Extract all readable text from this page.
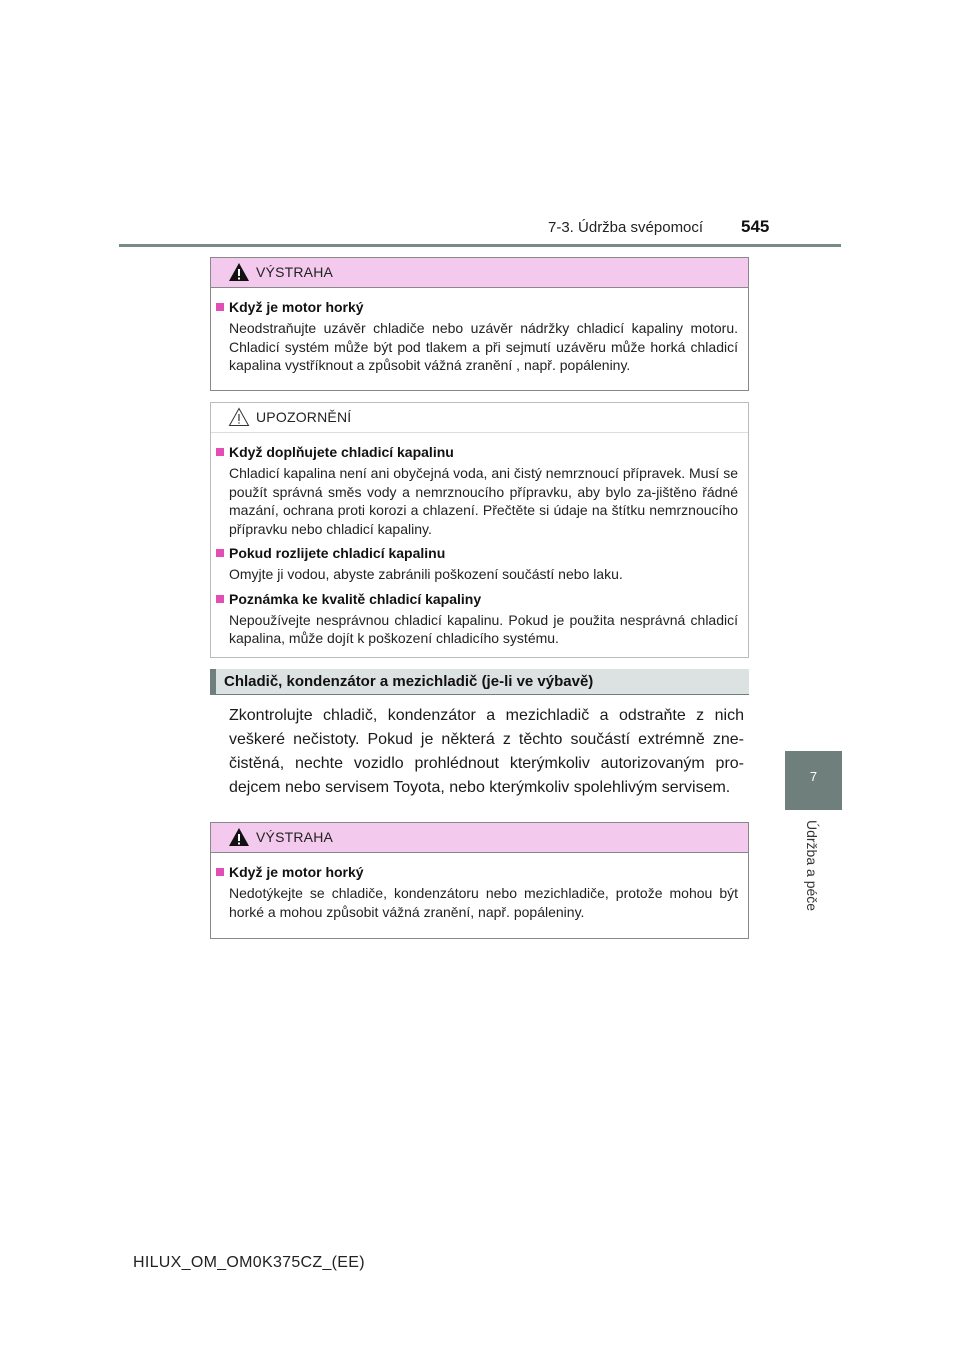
7-3. Údržba svépomocí 545
7
Údržba a péče
VÝSTRAHA
Když je motor horký
Neodstraňujte uzávěr chladiče nebo uzávěr nádržky chladicí kapaliny motoru. Chladicí systém může být pod tlakem a při sejmutí uzávěru může horká chladicí kapalina vystříknout a způsobit vážná zranění , např. popáleniny.
UPOZORNĚNÍ
Když doplňujete chladicí kapalinu
Chladicí kapalina není ani obyčejná voda, ani čistý nemrznoucí přípravek. Musí se použít správná směs vody a nemrznoucího přípravku, aby bylo za-jištěno řádné mazání, ochrana proti korozi a chlazení. Přečtěte si údaje na štítku nemrznoucího přípravku nebo chladicí kapaliny.
Pokud rozlijete chladicí kapalinu
Omyjte ji vodou, abyste zabránili poškození součástí nebo laku.
Poznámka ke kvalitě chladicí kapaliny
Nepoužívejte nesprávnou chladicí kapalinu. Pokud je použita nesprávná chladicí kapalina, může dojít k poškození chladicího systému.
Chladič, kondenzátor a mezichladič (je-li ve výbavě)
Zkontrolujte chladič, kondenzátor a mezichladič a odstraňte z nich veškeré nečistoty. Pokud je některá z těchto součástí extrémně zne-čistěná, nechte vozidlo prohlédnout kterýmkoliv autorizovaným pro-dejcem nebo servisem Toyota, nebo kterýmkoliv spolehlivým servisem.
VÝSTRAHA
Když je motor horký
Nedotýkejte se chladiče, kondenzátoru nebo mezichladiče, protože mohou být horké a mohou způsobit vážná zranění, např. popáleniny.
HILUX_OM_OM0K375CZ_(EE)
